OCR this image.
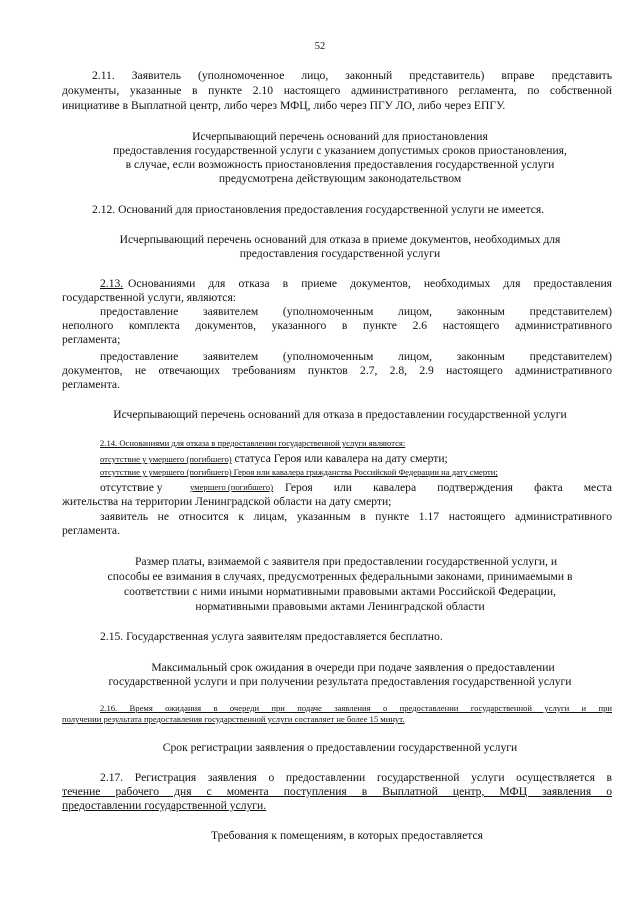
52
2.11. Заявитель (уполномоченное лицо, законный представитель) вправе представить
документы, указанные в пункте 2.10 настоящего административного регламента, по собственной
инициативе в Выплатной центр, либо через МФЦ, либо через ПГУ ЛО, либо через ЕПГУ.
Исчерпывающий перечень оснований для приостановления
предоставления государственной услуги с указанием допустимых сроков приостановления,
в случае, если возможность приостановления предоставления государственной услуги
предусмотрена действующим законодательством
2.12. Оснований для приостановления предоставления государственной услуги не имеется.
Исчерпывающий перечень оснований для отказа в приеме документов, необходимых для
предоставления государственной услуги
2.13. Основаниями для отказа в приеме документов, необходимых для предоставления
государственной услуги, являются:
предоставление заявителем (уполномоченным лицом, законным представителем)
неполного комплекта документов, указанного в пункте 2.6 настоящего административного
регламента;
предоставление заявителем (уполномоченным лицом, законным представителем)
документов, не отвечающих требованиям пунктов 2.7, 2.8, 2.9 настоящего административного
регламента.
Исчерпывающий перечень оснований для отказа в предоставлении государственной услуги
2.14. Основаниями для отказа в предоставлении государственной услуги являются:
отсутствие у умершего (погибшего) статуса Героя или кавалера на дату смерти;
отсутствие у умершего (погибшего) Героя или кавалера гражданства Российской Федерации на дату смерти;
отсутствие у	умершего (погибшего) Героя или кавалера подтверждения факта места
жительства на территории Ленинградской области на дату смерти;
заявитель не относится к лицам, указанным в пункте 1.17 настоящего административного
регламента.
Размер платы, взимаемой с заявителя при предоставлении государственной услуги, и
способы ее взимания в случаях, предусмотренных федеральными законами, принимаемыми в
соответствии с ними иными нормативными правовыми актами Российской Федерации,
нормативными правовыми актами Ленинградской области
2.15. Государственная услуга заявителям предоставляется бесплатно.
Максимальный срок ожидания в очереди при подаче заявления о предоставлении
государственной услуги и при получении результата предоставления государственной услуги
2.16. Время ожидания в очереди при подаче заявления о предоставлении государственной услуги и при
получении результата предоставления государственной услуги составляет не более 15 минут.
Срок регистрации заявления о предоставлении государственной услуги
2.17. Регистрация заявления о предоставлении государственной услуги осуществляется в
течение рабочего дня с момента поступления в Выплатной центр, МФЦ заявления о
предоставлении государственной услуги.
Требования к помещениям, в которых предоставляется
